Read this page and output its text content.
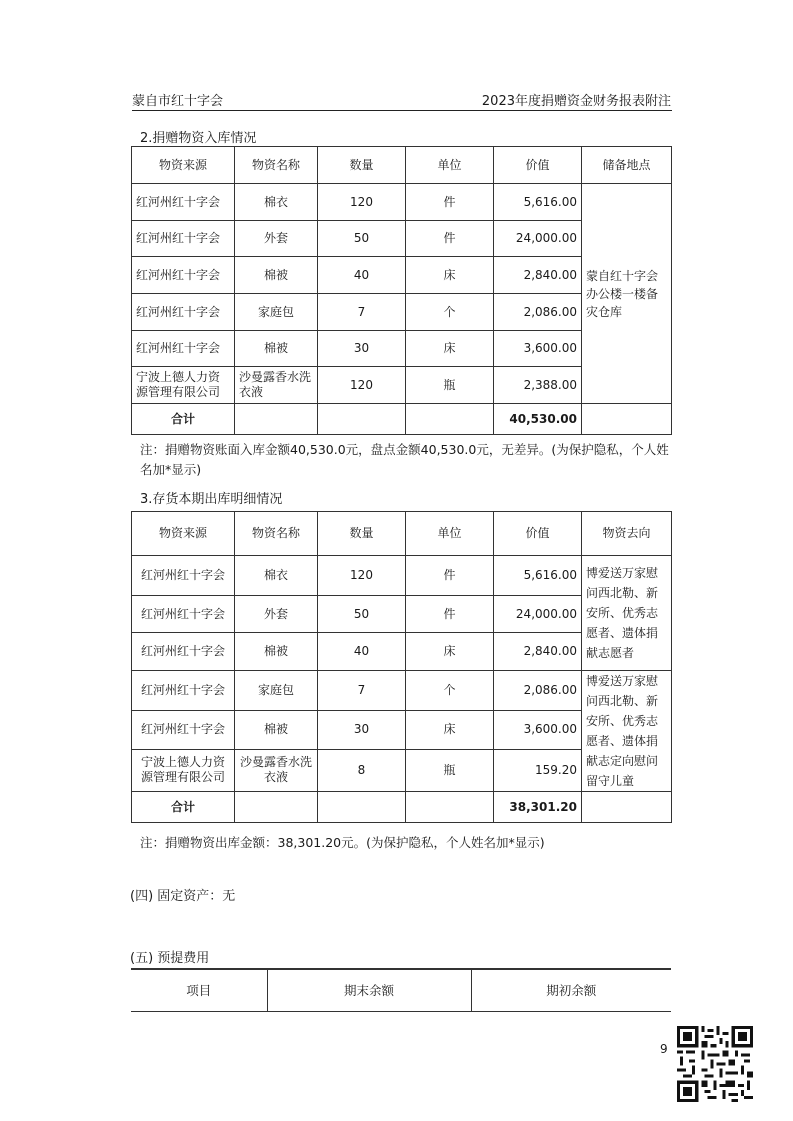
蒙自市红十字会	2023年度捐赠资金财务报表附注
2.捐赠物资入库情况
物资来源	物资名称	数量	单位	价值	储备地点
红河州红十字会	棉衣	120	件	5,616.00	蒙自红十字会办公楼一楼备灾仓库
红河州红十字会	外套	50	件	24,000.00	
红河州红十字会	棉被	40	床	2,840.00	
红河州红十字会	家庭包	7	个	2,086.00	
红河州红十字会	棉被	30	床	3,600.00	
宁波上德人力资源管理有限公司	沙曼露香水洗衣液	120	瓶	2,388.00	
合计				40,530.00	
注：捐赠物资账面入库金额40,530.0元，盘点金额40,530.0元，无差异。(为保护隐私，个人姓名加*显示)
3.存货本期出库明细情况
物资来源	物资名称	数量	单位	价值	物资去向
红河州红十字会	棉衣	120	件	5,616.00	博爱送万家慰问西北勒、新安所、优秀志愿者、遗体捐献志愿者
红河州红十字会	外套	50	件	24,000.00	
红河州红十字会	棉被	40	床	2,840.00	
红河州红十字会	家庭包	7	个	2,086.00	博爱送万家慰问西北勒、新安所、优秀志愿者、遗体捐献志定向慰问留守儿童
红河州红十字会	棉被	30	床	3,600.00	
宁波上德人力资源管理有限公司	沙曼露香水洗衣液	8	瓶	159.20	
合计				38,301.20	
注：捐赠物资出库金额：38,301.20元。(为保护隐私，个人姓名加*显示)
(四) 固定资产：无
(五) 预提费用
项目	期末余额	期初余额
9
